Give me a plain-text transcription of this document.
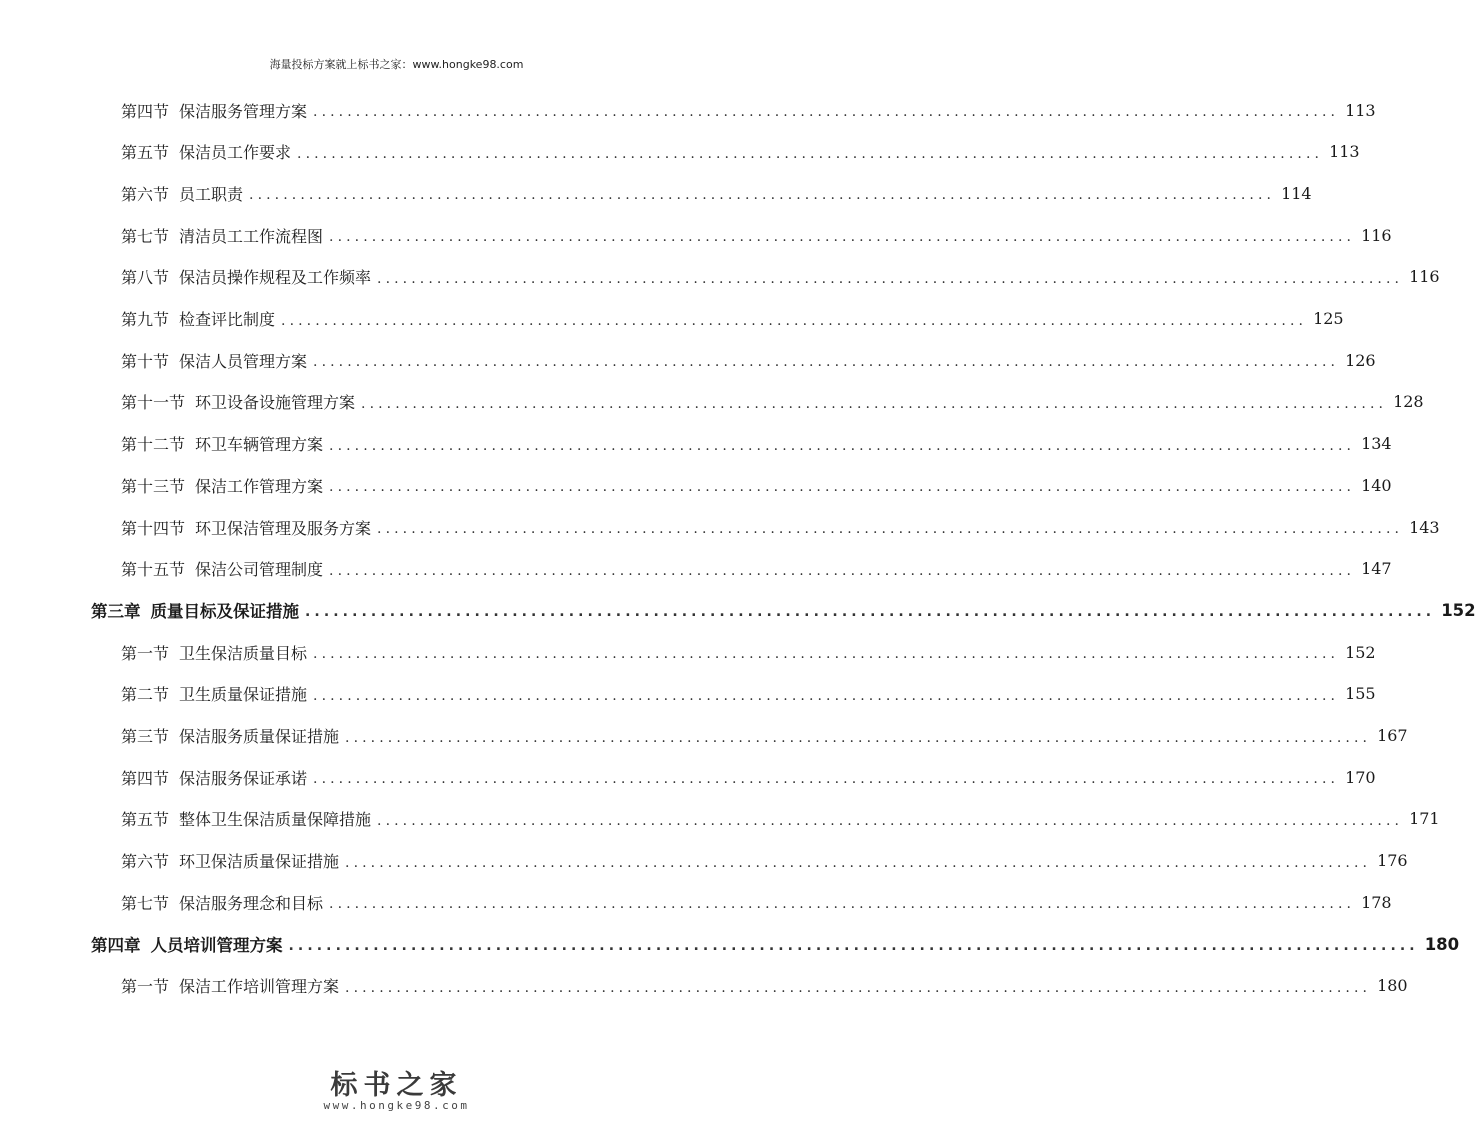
海量投标方案就上标书之家：www.hongke98.com
第四节 保洁服务管理方案 ........................................................................................................................ 113
第五节 保洁员工作要求 ........................................................................................................................ 113
第六节 员工职责 ........................................................................................................................ 114
第七节 清洁员工工作流程图 ........................................................................................................................ 116
第八节 保洁员操作规程及工作频率 ........................................................................................................................ 116
第九节 检查评比制度 ........................................................................................................................ 125
第十节 保洁人员管理方案 ........................................................................................................................ 126
第十一节 环卫设备设施管理方案 ........................................................................................................................ 128
第十二节 环卫车辆管理方案 ........................................................................................................................ 134
第十三节 保洁工作管理方案 ........................................................................................................................ 140
第十四节 环卫保洁管理及服务方案 ........................................................................................................................ 143
第十五节 保洁公司管理制度 ........................................................................................................................ 147
第三章 质量目标及保证措施 ........................................................................................................................ 152
第一节 卫生保洁质量目标 ........................................................................................................................ 152
第二节 卫生质量保证措施 ........................................................................................................................ 155
第三节 保洁服务质量保证措施 ........................................................................................................................ 167
第四节 保洁服务保证承诺 ........................................................................................................................ 170
第五节 整体卫生保洁质量保障措施 ........................................................................................................................ 171
第六节 环卫保洁质量保证措施 ........................................................................................................................ 176
第七节 保洁服务理念和目标 ........................................................................................................................ 178
第四章 人员培训管理方案 ........................................................................................................................ 180
第一节 保洁工作培训管理方案 ........................................................................................................................ 180
标书之家
www.hongke98.com
